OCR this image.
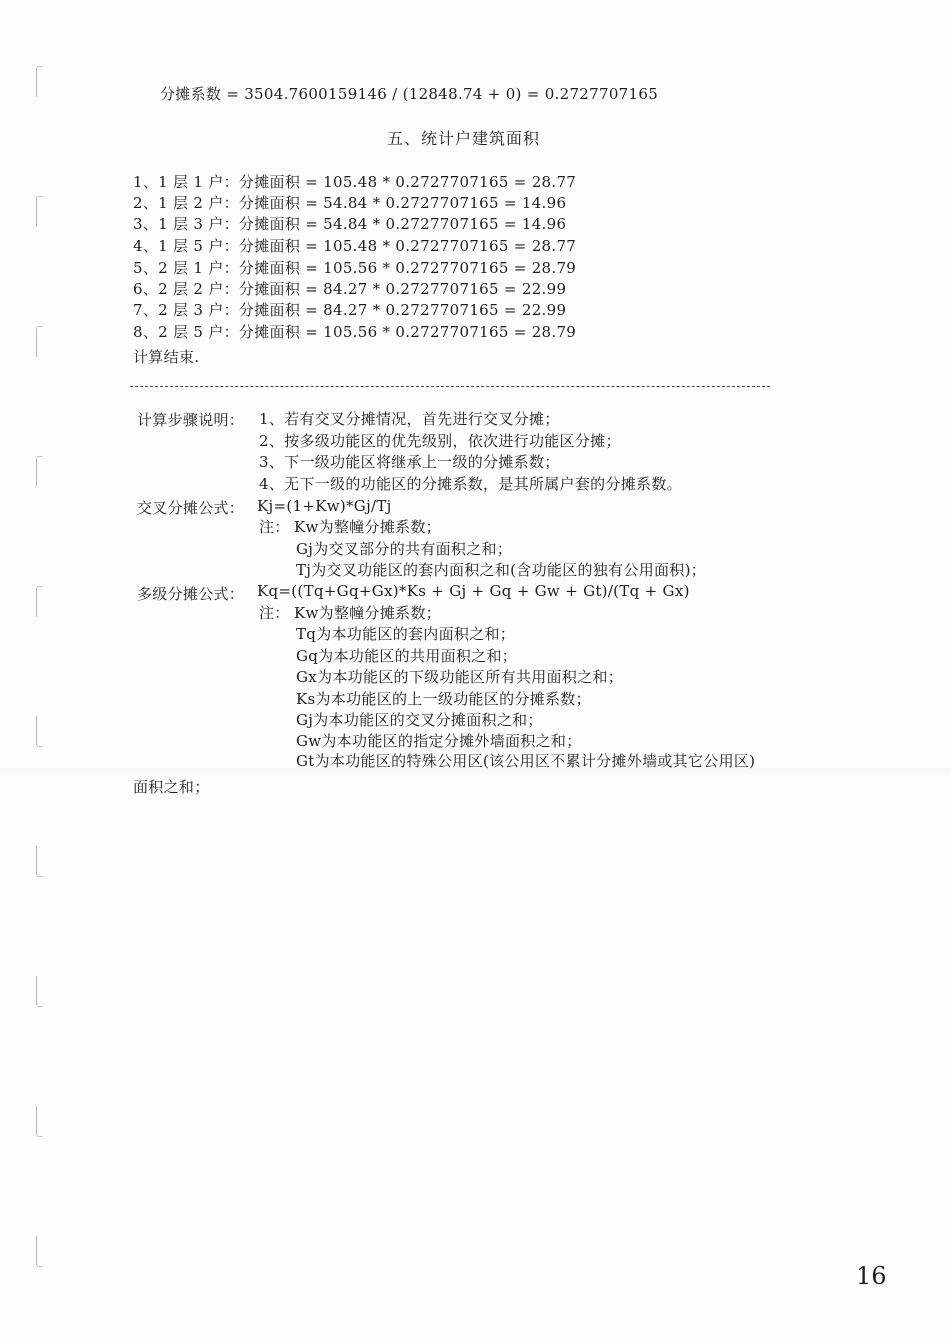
分摊系数 = 3504.7600159146 / (12848.74 + 0) = 0.2727707165
五、统计户建筑面积
1、1 层 1 户：分摊面积 = 105.48 * 0.2727707165 = 28.77
2、1 层 2 户：分摊面积 = 54.84 * 0.2727707165 = 14.96
3、1 层 3 户：分摊面积 = 54.84 * 0.2727707165 = 14.96
4、1 层 5 户：分摊面积 = 105.48 * 0.2727707165 = 28.77
5、2 层 1 户：分摊面积 = 105.56 * 0.2727707165 = 28.79
6、2 层 2 户：分摊面积 = 84.27 * 0.2727707165 = 22.99
7、2 层 3 户：分摊面积 = 84.27 * 0.2727707165 = 22.99
8、2 层 5 户：分摊面积 = 105.56 * 0.2727707165 = 28.79
计算结束.
计算步骤说明： 1、若有交叉分摊情况，首先进行交叉分摊；
2、按多级功能区的优先级别，依次进行功能区分摊；
3、下一级功能区将继承上一级的分摊系数；
4、无下一级的功能区的分摊系数，是其所属户套的分摊系数。
交叉分摊公式： Kj=(1+Kw)*Gj/Tj
注： Kw为整幢分摊系数；
Gj为交叉部分的共有面积之和；
Tj为交叉功能区的套内面积之和(含功能区的独有公用面积)；
多级分摊公式： Kq=((Tq+Gq+Gx)*Ks + Gj + Gq + Gw + Gt)/(Tq + Gx)
注： Kw为整幢分摊系数；
Tq为本功能区的套内面积之和；
Gq为本功能区的共用面积之和；
Gx为本功能区的下级功能区所有共用面积之和；
Ks为本功能区的上一级功能区的分摊系数；
Gj为本功能区的交叉分摊面积之和；
Gw为本功能区的指定分摊外墙面积之和；
Gt为本功能区的特殊公用区(该公用区不累计分摊外墙或其它公用区)
面积之和；
16
